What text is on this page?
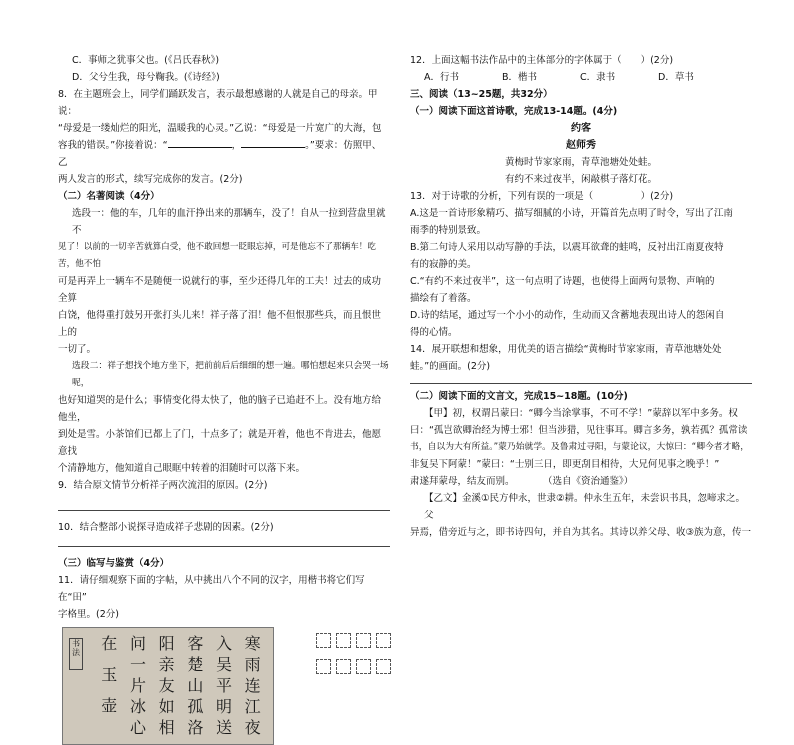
C．事师之犹事父也。(《吕氏春秋》)

D．父兮生我，母兮鞠我。(《诗经》)

8．在主题班会上，同学们踊跃发言，表示最想感谢的人就是自己的母亲。甲说：

“母爱是一缕灿烂的阳光，温暖我的心灵。”乙说：“母爱是一片宽广的大海，包

容我的错误。”你接着说：“	，	。”要求：仿照甲、乙

两人发言的形式，续写完成你的发言。(2分)

（二）名著阅读（4分）

选段一：他的车，几年的血汗挣出来的那辆车，没了！自从一拉到营盘里就不

见了！以前的一切辛苦就算白受，他不敢回想一眨眼忘掉，可是他忘不了那辆车！吃苦，他不怕

可是再弄上一辆车不是随便一说就行的事，至少还得几年的工夫！过去的成功全算

白饶，他得重打鼓另开张打头儿来！祥子落了泪！他不但恨那些兵，而且恨世上的

一切了。

选段二：祥子想找个地方坐下，把前前后后细细的想一遍。哪怕想起来只会哭一场呢，

也好知道哭的是什么；事情变化得太快了，他的脑子已追赶不上。没有地方给他坐，

到处是雪。小茶馆们已都上了门，十点多了；就是开着，他也不肯进去，他愿意找

个清静地方，他知道自己眼眶中转着的泪随时可以落下来。

9．结合原文情节分析祥子两次流泪的原因。(2分)

10．结合整部小说探寻造成祥子悲剧的因素。(2分)

（三）临写与鉴赏（4分）

11．请仔细观察下面的字帖，从中挑出八个不同的汉字，用楷书将它们写在“田”

字格里。(2分)

书法	寒
雨
连
江
夜
入
吴
平
明
送
客
楚
山
孤
洛
阳
亲
友
如
相
问
一
片
冰
心
在
玉
壶

12．上面这幅书法作品中的主体部分的字体属于（　　）(2分)

A．行书	B．楷书	C．隶书	D．草书

三、阅读（13~25题，共32分）

（一）阅读下面这首诗歌，完成13-14题。(4分)

约客

赵师秀

黄梅时节家家雨，青草池塘处处蛙。

有约不来过夜半，闲敲棋子落灯花。

13．对于诗歌的分析，下列有误的一项是（　　　　　）(2分)

A.这是一首诗形象精巧、描写细腻的小诗，开篇首先点明了时令，写出了江南

雨季的特别景致。

B.第二句诗人采用以动写静的手法，以震耳欲聋的蛙鸣，反衬出江南夏夜特

有的寂静的美。

C.“有约不来过夜半”，这一句点明了诗题，也使得上面两句景物、声响的

描绘有了着落。

D.诗的结尾，通过写一个小小的动作，生动而又含蓄地表现出诗人的怨闲自

得的心情。

14．展开联想和想象，用优美的语言描绘“黄梅时节家家雨，青草池塘处处

蛙。”的画面。(2分)

（二）阅读下面的文言文，完成15~18题。(10分)

【甲】初，权谓吕蒙曰：“卿今当涂掌事，不可不学！”蒙辞以军中多务。权

曰：“孤岂欲卿治经为博士邪！但当涉猎，见往事耳。卿言多务，孰若孤？孤常读

书，自以为大有所益。”蒙乃始就学。及鲁肃过寻阳，与蒙论议，大惊曰：“卿今者才略，

非复吴下阿蒙！”蒙曰：“士别三日，即更刮目相待，大兄何见事之晚乎！”

肃遂拜蒙母，结友而别。　　　　（选自《资治通鉴》）

【乙文】金溪①民方仲永，世隶②耕。仲永生五年，未尝识书具，忽啼求之。父

异焉，借旁近与之，即书诗四句，并自为其名。其诗以养父母、收③族为意，传一
